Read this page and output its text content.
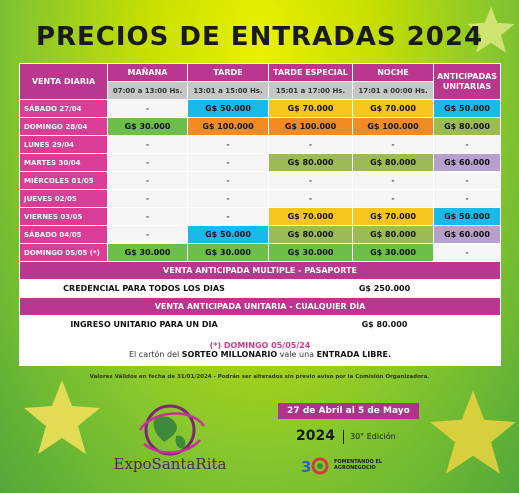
PRECIOS DE ENTRADAS 2024
VENTA DIARIA	MAÑANA	TARDE	TARDE ESPECIAL	NOCHE	ANTICIPADAS UNITARIAS
	07:00 a 13:00 Hs.	13:01 a 15:00 Hs.	15:01 a 17:00 Hs.	17:01 a 00:00 Hs.	
SÁBADO 27/04	-	G$ 50.000	G$ 70.000	G$ 70.000	G$ 50.000
DOMINGO 28/04	G$ 30.000	G$ 100.000	G$ 100.000	G$ 100.000	G$ 80.000
LUNES 29/04	-	-	-	-	-
MARTES 30/04	-	-	G$ 80.000	G$ 80.000	G$ 60.000
MIÉRCOLES 01/05	-	-	-	-	-
JUEVES 02/05	-	-	-	-	-
VIERNES 03/05	-	-	G$ 70.000	G$ 70.000	G$ 50.000
SÁBADO 04/05	-	G$ 50.000	G$ 80.000	G$ 80.000	G$ 60.000
DOMINGO 05/05 (*)	G$ 30.000	G$ 30.000	G$ 30.000	G$ 30.000	-
VENTA ANTICIPADA MULTIPLE - PASAPORTE					
CREDENCIAL PARA TODOS LOS DIAS			G$ 250.000		
VENTA ANTICIPADA UNITARIA - CUALQUIER DÍA					
INGRESO UNITARIO PARA UN DIA			G$ 80.000		

(*) DOMINGO 05/05/24
El cartón del SORTEO MILLONARIO vale una ENTRADA LIBRE.					
Valores Válidos en fecha de 31/01/2024 - Podrán ser alterados sin previo aviso por la Comisión Organizadora.
ExpoSantaRita
27 de Abril al 5 de Mayo
2024 30° Edición
3	FOMENTANDO EL
AGRONEGOCIO
